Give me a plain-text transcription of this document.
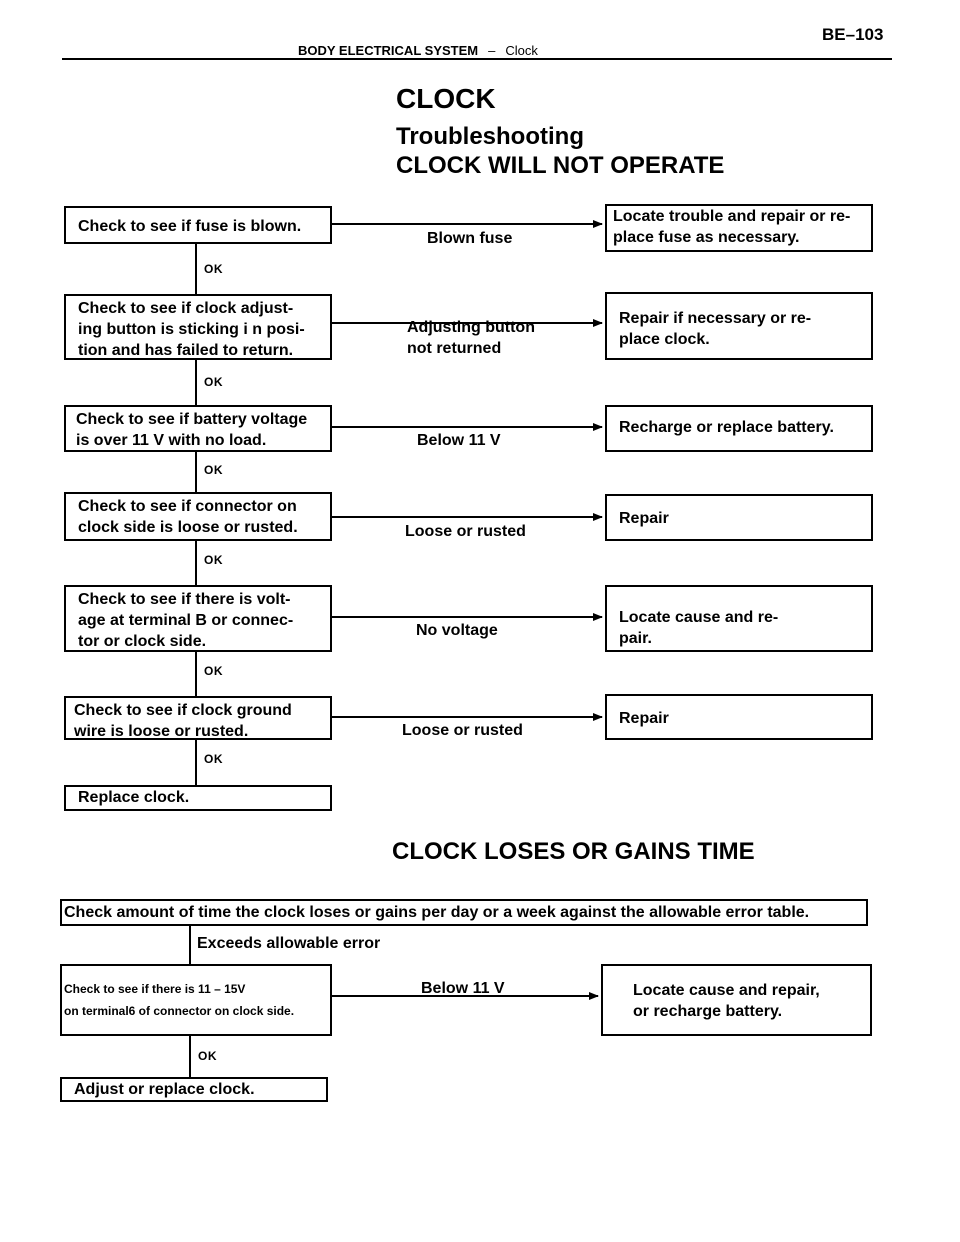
BODY ELECTRICAL SYSTEM – Clock
BE–103
CLOCK
Troubleshooting
CLOCK WILL NOT OPERATE
CLOCK LOSES OR GAINS TIME
OK
OK
OK
OK
OK
OK
OK
Check to see if fuse is blown.
Check to see if clock adjust-
ing button is sticking i n posi-
tion and has failed to return.
Check to see if battery voltage
is over 11 V with no load.
Check to see if connector on
clock side is loose or rusted.
Check to see if there is volt-
age at terminal B or connec-
tor or clock side.
Check to see if clock ground
wire is loose or rusted.
Replace clock.
Blown fuse
Adjusting button
not returned
Below 11 V
Loose or rusted
No voltage
Loose or rusted
Locate trouble and repair or re-
place fuse as necessary.
Repair if necessary or re-
place clock.
Recharge or replace battery.
Repair
Locate cause and re-
pair.
Repair
Check amount of time the clock loses or gains per day or a week against the allowable error table.
Exceeds allowable error
Check to see if there is 11 – 15V
on terminal6 of connector on clock side.
Below 11 V	Locate cause and repair,
or recharge battery.
Adjust or replace clock.
